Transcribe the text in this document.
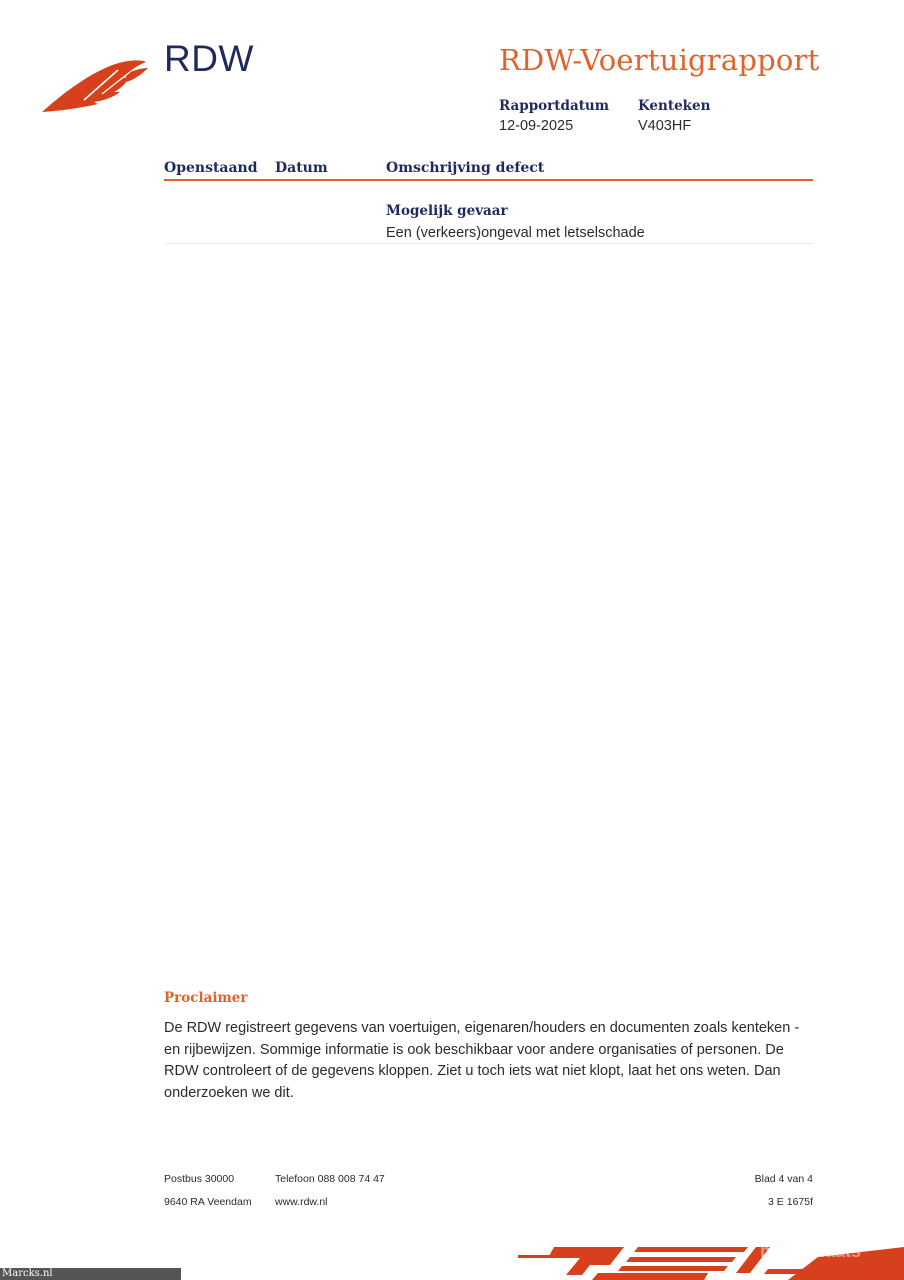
RDW	RDW-Voertuigrapport
Rapportdatum
12-09-2025
Kenteken
V403HF
Openstaand Datum	Omschrijving defect
Mogelijk gevaar
Een (verkeers)ongeval met letselschade
Proclaimer
De RDW registreert gegevens van voertuigen, eigenaren/houders en documenten zoals kenteken - en rijbewijzen. Sommige informatie is ook beschikbaar voor andere organisaties of personen. De RDW controleert of de gegevens kloppen. Ziet u toch iets wat niet klopt, laat het ons weten. Dan onderzoeken we dit.
Postbus 30000
9640 RA Veendam
Telefoon 088 008 74 47
www.rdw.nl
Blad 4 van 4
3 E 1675f
marktplaats
Marcks.nl
